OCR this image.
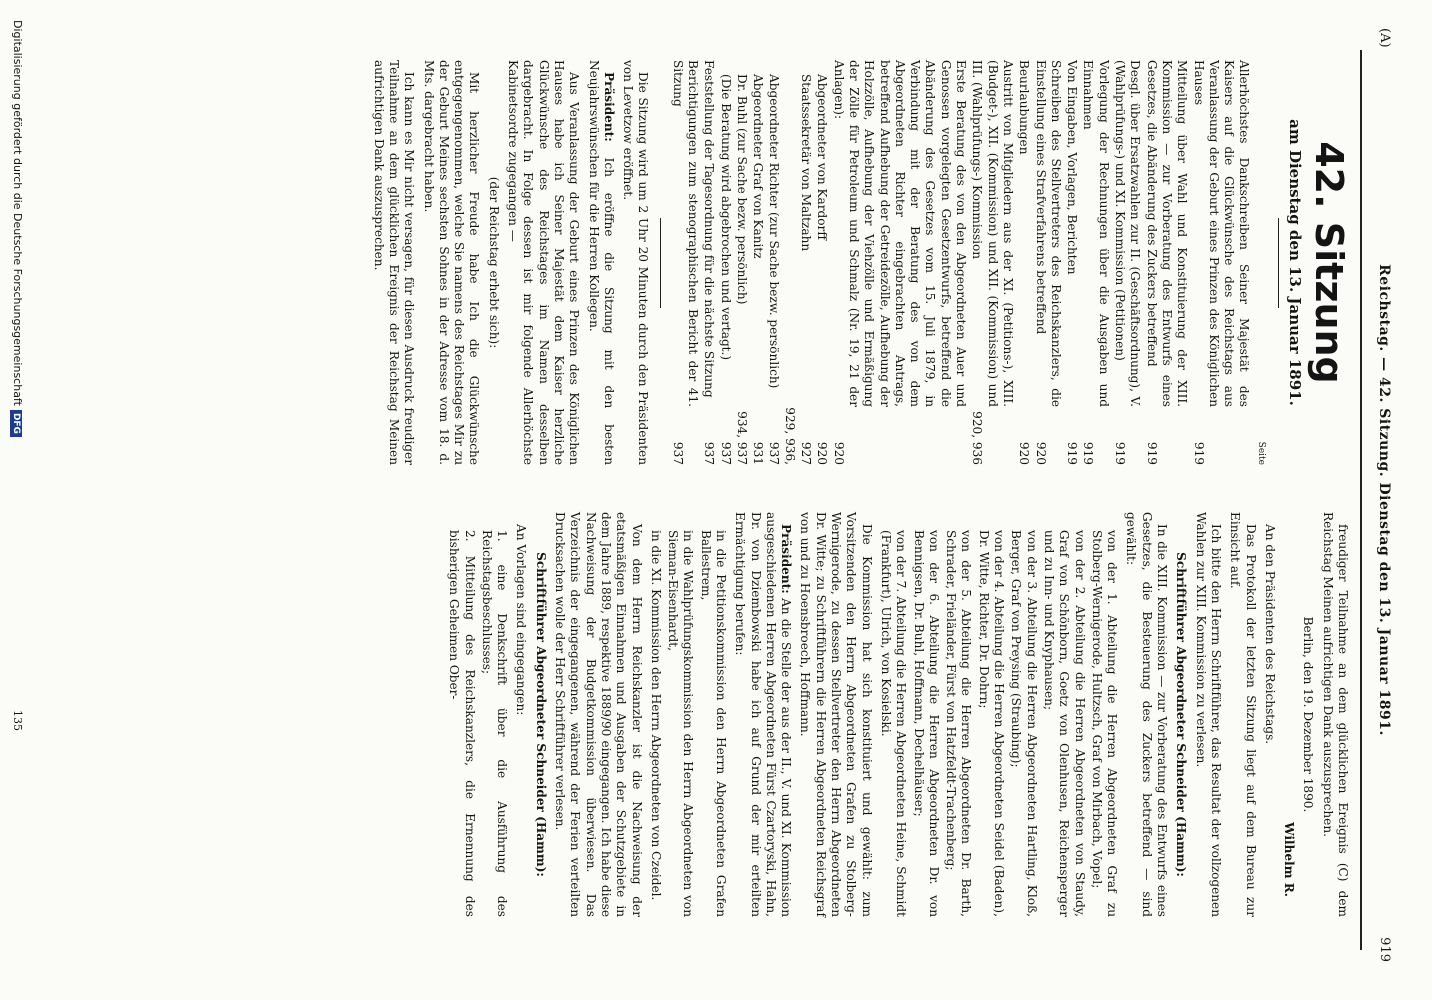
(A)
Reichstag. — 42. Sitzung. Dienstag den 13. Januar 1891.
919
42. Sitzung
am Dienstag den 13. Januar 1891.
Seite
Allerhöchstes Dankschreiben Seiner Majestät des Kaisers auf die Glückwünsche des Reichstags aus Veranlassung der Geburt eines Prinzen des Königlichen Hauses
919
Mitteilung über Wahl und Konstituierung der XIII. Kommission — zur Vorberatung des Entwurfs eines Gesetzes, die Abänderung des Zuckers betreffend
919
Desgl. über Ersatzwahlen zur II. (Geschäftsordnung), V. (Wahlprüfungs-) und XI. Kommission (Petitionen)
919
Vorlegung der Rechnungen über die Ausgaben und Einnahmen
919
Von Eingaben, Vorlagen, Berichten
919
Schreiben des Stellvertreters des Reichskanzlers, die Einstellung eines Strafverfahrens betreffend
920
Beurlaubungen
920
Austritt von Mitgliedern aus der XI. (Petitions-), XIII. (Budget-), XII. (Kommission) und XII. (Kommission) und III. (Wahlprüfungs-) Kommission
920, 936
Erste Beratung des von den Abgeordneten Auer und Genossen vorgelegten Gesetzentwurfs, betreffend die Abänderung des Gesetzes vom 15. Juli 1879, in Verbindung mit der Beratung des von dem Abgeordneten Richter eingebrachten Antrags, betreffend Aufhebung der Getreidezölle, Aufhebung der Holzzölle, Aufhebung der Viehzölle und Ermäßigung der Zölle für Petroleum und Schmalz (Nr. 19, 21 der Anlagen):
920
Abgeordneter von Kardorff
920
Staatssekretär von Maltzahn
927
Abgeordneter Richter (zur Sache bezw. persönlich)
929, 936, 937
Abgeordneter Graf von Kanitz
931
Dr. Buhl (zur Sache bezw. persönlich)
934, 937
(Die Beratung wird abgebrochen und vertagt.)
937
Feststellung der Tagesordnung für die nächste Sitzung
937
Berichtigungen zum stenographischen Bericht der 41. Sitzung
937

Die Sitzung wird um 2 Uhr 20 Minuten durch den Präsidenten von Levetzow eröffnet.

Präsident: Ich eröffne die Sitzung mit den besten Neujahrswünschen für die Herren Kollegen.

Aus Veranlassung der Geburt eines Prinzen des Königlichen Hauses habe ich Seiner Majestät dem Kaiser herzliche Glückwünsche des Reichstages im Namen desselben dargebracht. In Folge dessen ist mir folgende Allerhöchste Kabinetsordre zugegangen —

(der Reichstag erhebt sich):

Mit herzlicher Freude habe Ich die Glückwünsche entgegengenommen, welche Sie namens des Reichstages Mir zu der Geburt Meines sechsten Sohnes in der Adresse vom 18. d. Mts. dargebracht haben.

Ich kann es Mir nicht versagen, für diesen Ausdruck freudiger Teilnahme an dem glücklichen Ereignis der Reichstag Meinen aufrichtigen Dank auszusprechen.

freudiger Teilnahme an dem glücklichen Ereignis (C) dem Reichstag Meinen aufrichtigen Dank auszusprechen.

Berlin, den 19. Dezember 1890.

Wilhelm R.

An den Präsidenten des Reichstags.

Das Protokoll der letzten Sitzung liegt auf dem Bureau zur Einsicht auf.

Ich bitte den Herrn Schriftführer, das Resultat der vollzogenen Wahlen zur XIII. Kommission zu verlesen.

Schriftführer Abgeordneter Schneider (Hamm):

In die XIII. Kommission — zur Vorberatung des Entwurfs eines Gesetzes, die Besteuerung des Zuckers betreffend — sind gewählt:

von der 1. Abteilung die Herren Abgeordneten Graf zu Stolberg-Wernigerode, Hultzsch, Graf von Mirbach, Vopel;

von der 2. Abteilung die Herren Abgeordneten von Staudy, Graf von Schönborn, Goetz von Olenhusen, Reichensperger und zu Inn- und Knyphausen;

von der 3. Abteilung die Herren Abgeordneten Hartling, Kloß, Berger, Graf von Preysing (Straubing);

von der 4. Abteilung die Herren Abgeordneten Seidel (Baden), Dr. Witte, Richter, Dr. Dohrn;

von der 5. Abteilung die Herren Abgeordneten Dr. Barth, Schrader, Frieländer, Fürst von Hatzfeldt-Trachenberg;

von der 6. Abteilung die Herren Abgeordneten Dr. von Bennigsen, Dr. Buhl, Hoffmann, Dechelhäuser;

von der 7. Abteilung die Herren Abgeordneten Heine, Schmidt (Frankfurt), Ulrich, von Kosielski.

Die Kommission hat sich konstituiert und gewählt: zum Vorsitzenden den Herrn Abgeordneten Grafen zu Stolberg-Wernigerode, zu dessen Stellvertreter den Herrn Abgeordneten Dr. Witte; zu Schriftführern die Herren Abgeordneten Reichsgraf von und zu Hoensbroech, Hoffmann.

Präsident: An die Stelle der aus der II., V. und XI. Kommission ausgeschiedenen Herren Abgeordneten Fürst Czartoryski, Hahn, Dr. von Dziembowski habe ich auf Grund der mir erteilten Ermächtigung berufen:

in die Petitionskommission den Herrn Abgeordneten Grafen Ballestrem,

in die Wahlprüfungskommission den Herrn Abgeordneten von Sieman-Eisenhardt,

in die XI. Kommission den Herrn Abgeordneten von Czeidel.

Von dem Herrn Reichskanzler ist die Nachweisung der etatsmäßigen Einnahmen und Ausgaben der Schutzgebiete in dem Jahre 1889, respektive 1889/90 eingegangen. Ich habe diese Nachweisung der Budgetkommission überwiesen. Das Verzeichnis der eingegangenen, während der Ferien verteilten Drucksachen wolle der Herr Schriftführer verlesen.

Schriftführer Abgeordneter Schneider (Hamm):

An Vorlagen sind eingegangen:

1. eine Denkschrift über die Ausführung des Reichstagsbeschlusses;

2. Mitteilung des Reichskanzlers, die Ernennung des bisherigen Geheimen Ober-

135
Digitalisierung gefördert durch die Deutsche ForschungsgemeinschaftDFG
